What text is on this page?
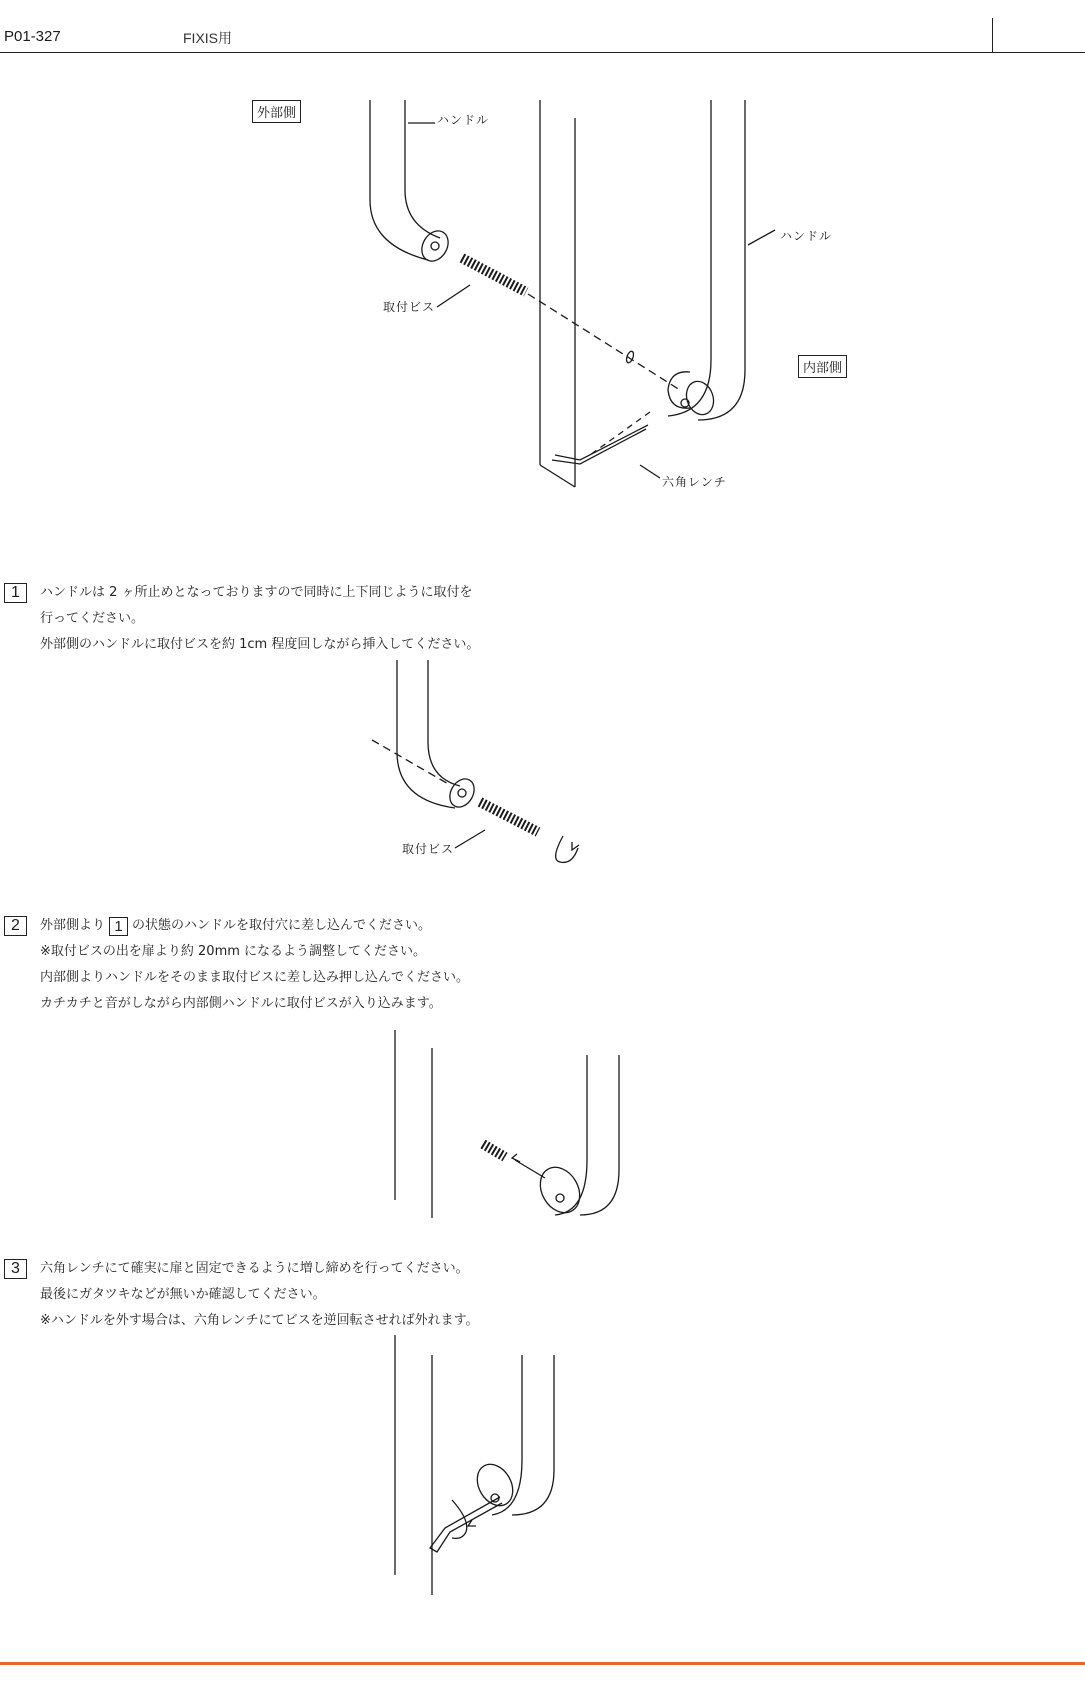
P01-327	FIXIS用
外部側
内部側
ハンドル
ハンドル
取付ビス
六角レンチ
1	ハンドルは 2 ヶ所止めとなっておりますので同時に上下同じように取付を
行ってください。
外部側のハンドルに取付ビスを約 1cm 程度回しながら挿入してください。
取付ビス
2	外部側より 1 の状態のハンドルを取付穴に差し込んでください。
※取付ビスの出を扉より約 20mm になるよう調整してください。
内部側よりハンドルをそのまま取付ビスに差し込み押し込んでください。
カチカチと音がしながら内部側ハンドルに取付ビスが入り込みます。
3	六角レンチにて確実に扉と固定できるように増し締めを行ってください。
最後にガタツキなどが無いか確認してください。
※ハンドルを外す場合は、六角レンチにてビスを逆回転させれば外れます。
